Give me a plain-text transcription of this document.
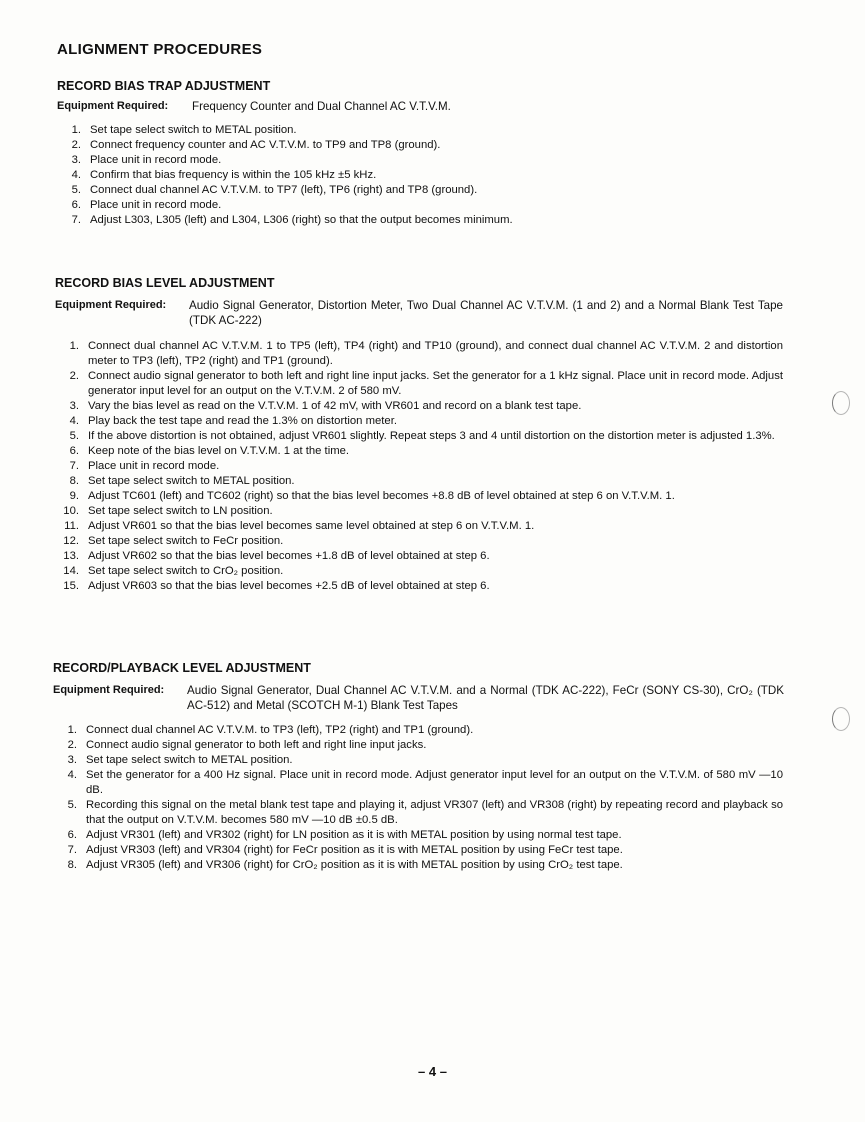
ALIGNMENT PROCEDURES
RECORD BIAS TRAP ADJUSTMENT
Equipment Required: Frequency Counter and Dual Channel AC V.T.V.M.
1. Set tape select switch to METAL position.
2. Connect frequency counter and AC V.T.V.M. to TP9 and TP8 (ground).
3. Place unit in record mode.
4. Confirm that bias frequency is within the 105 kHz ±5 kHz.
5. Connect dual channel AC V.T.V.M. to TP7 (left), TP6 (right) and TP8 (ground).
6. Place unit in record mode.
7. Adjust L303, L305 (left) and L304, L306 (right) so that the output becomes minimum.
RECORD BIAS LEVEL ADJUSTMENT
Equipment Required: Audio Signal Generator, Distortion Meter, Two Dual Channel AC V.T.V.M. (1 and 2) and a Normal Blank Test Tape (TDK AC-222)
1. Connect dual channel AC V.T.V.M. 1 to TP5 (left), TP4 (right) and TP10 (ground), and connect dual channel AC V.T.V.M. 2 and distortion meter to TP3 (left), TP2 (right) and TP1 (ground).
2. Connect audio signal generator to both left and right line input jacks. Set the generator for a 1 kHz signal. Place unit in record mode. Adjust generator input level for an output on the V.T.V.M. 2 of 580 mV.
3. Vary the bias level as read on the V.T.V.M. 1 of 42 mV, with VR601 and record on a blank test tape.
4. Play back the test tape and read the 1.3% on distortion meter.
5. If the above distortion is not obtained, adjust VR601 slightly. Repeat steps 3 and 4 until distortion on the distortion meter is adjusted 1.3%.
6. Keep note of the bias level on V.T.V.M. 1 at the time.
7. Place unit in record mode.
8. Set tape select switch to METAL position.
9. Adjust TC601 (left) and TC602 (right) so that the bias level becomes +8.8 dB of level obtained at step 6 on V.T.V.M. 1.
10. Set tape select switch to LN position.
11. Adjust VR601 so that the bias level becomes same level obtained at step 6 on V.T.V.M. 1.
12. Set tape select switch to FeCr position.
13. Adjust VR602 so that the bias level becomes +1.8 dB of level obtained at step 6.
14. Set tape select switch to CrO₂ position.
15. Adjust VR603 so that the bias level becomes +2.5 dB of level obtained at step 6.
RECORD/PLAYBACK LEVEL ADJUSTMENT
Equipment Required: Audio Signal Generator, Dual Channel AC V.T.V.M. and a Normal (TDK AC-222), FeCr (SONY CS-30), CrO₂ (TDK AC-512) and Metal (SCOTCH M-1) Blank Test Tapes
1. Connect dual channel AC V.T.V.M. to TP3 (left), TP2 (right) and TP1 (ground).
2. Connect audio signal generator to both left and right line input jacks.
3. Set tape select switch to METAL position.
4. Set the generator for a 400 Hz signal. Place unit in record mode. Adjust generator input level for an output on the V.T.V.M. of 580 mV —10 dB.
5. Recording this signal on the metal blank test tape and playing it, adjust VR307 (left) and VR308 (right) by repeating record and playback so that the output on V.T.V.M. becomes 580 mV —10 dB ±0.5 dB.
6. Adjust VR301 (left) and VR302 (right) for LN position as it is with METAL position by using normal test tape.
7. Adjust VR303 (left) and VR304 (right) for FeCr position as it is with METAL position by using FeCr test tape.
8. Adjust VR305 (left) and VR306 (right) for CrO₂ position as it is with METAL position by using CrO₂ test tape.
– 4 –
